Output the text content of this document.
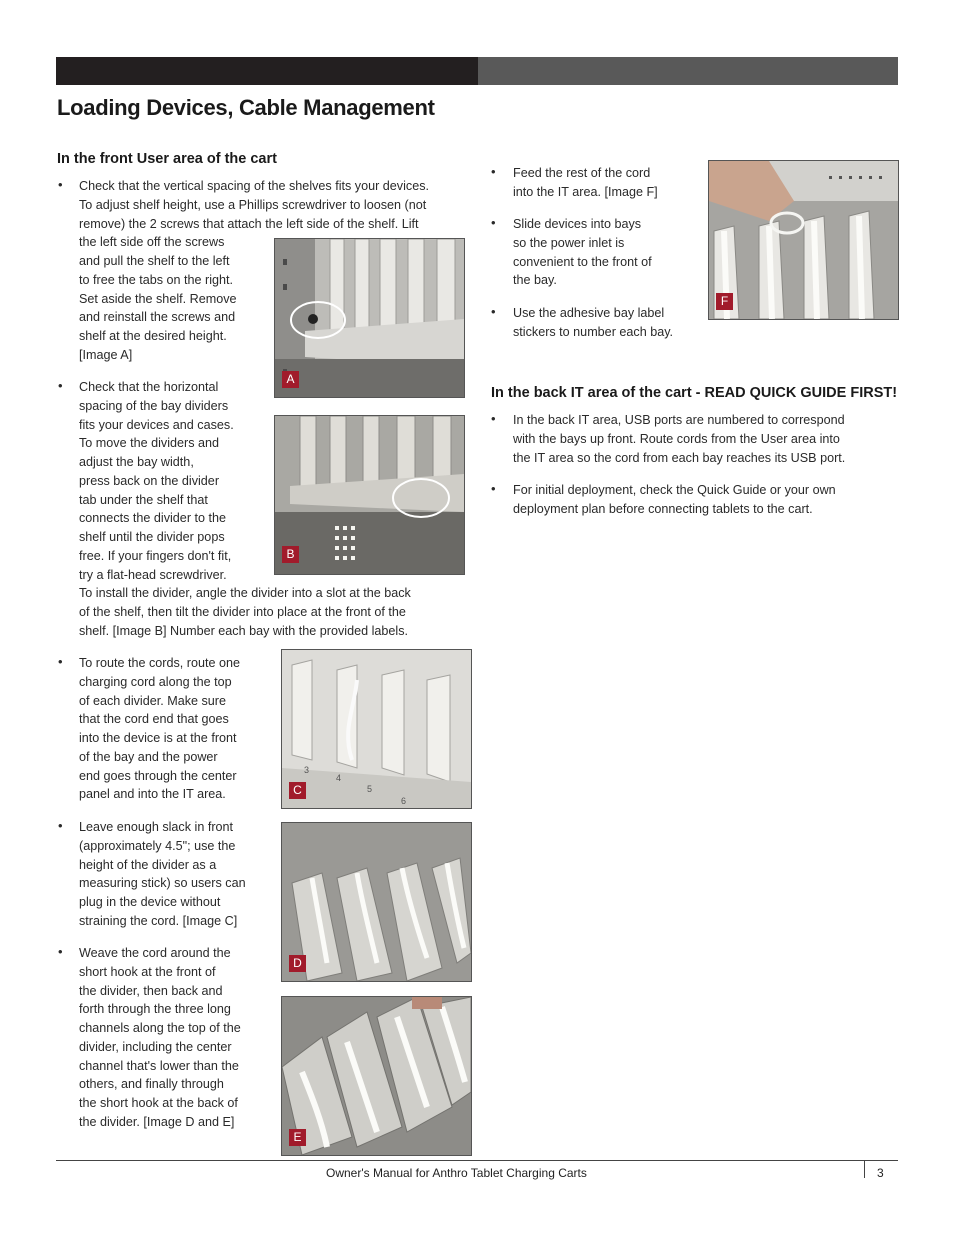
Loading Devices, Cable Management
In the front User area of the cart
• Check that the vertical spacing of the shelves fits your devices.
To adjust shelf height, use a Phillips screwdriver to loosen (not
remove) the 2 screws that attach the left side of the shelf. Lift
the left side off the screws
and pull the shelf to the left
to free the tabs on the right.
Set aside the shelf. Remove
and reinstall the screws and
shelf at the desired height.
[Image A]
• Check that the horizontal
spacing of the bay dividers
fits your devices and cases.
To move the dividers and
adjust the bay width,
press back on the divider
tab under the shelf that
connects the divider to the
shelf until the divider pops
free. If your fingers don't fit,
try a flat-head screwdriver.
To install the divider, angle the divider into a slot at the back
of the shelf, then tilt the divider into place at the front of the
shelf. [Image B] Number each bay with the provided labels.
• To route the cords, route one
charging cord along the top
of each divider. Make sure
that the cord end that goes
into the device is at the front
of the bay and the power
end goes through the center
panel and into the IT area.
• Leave enough slack in front
(approximately 4.5"; use the
height of the divider as a
measuring stick) so users can
plug in the device without
straining the cord. [Image C]
• Weave the cord around the
short hook at the front of
the divider, then back and
forth through the three long
channels along the top of the
divider, including the center
channel that's lower than the
others, and finally through
the short hook at the back of
the divider. [Image D and E]
A
B
3
4
5
6
C
D
E
• Feed the rest of the cord
into the IT area. [Image F]
• Slide devices into bays
so the power inlet is
convenient to the front of
the bay.
• Use the adhesive bay label
stickers to number each bay.
F
In the back IT area of the cart - READ QUICK GUIDE FIRST!
• In the back IT area, USB ports are numbered to correspond
with the bays up front. Route cords from the User area into
the IT area so the cord from each bay reaches its USB port.
• For initial deployment, check the Quick Guide or your own
deployment plan before connecting tablets to the cart.
Owner's Manual for Anthro Tablet Charging Carts	3
